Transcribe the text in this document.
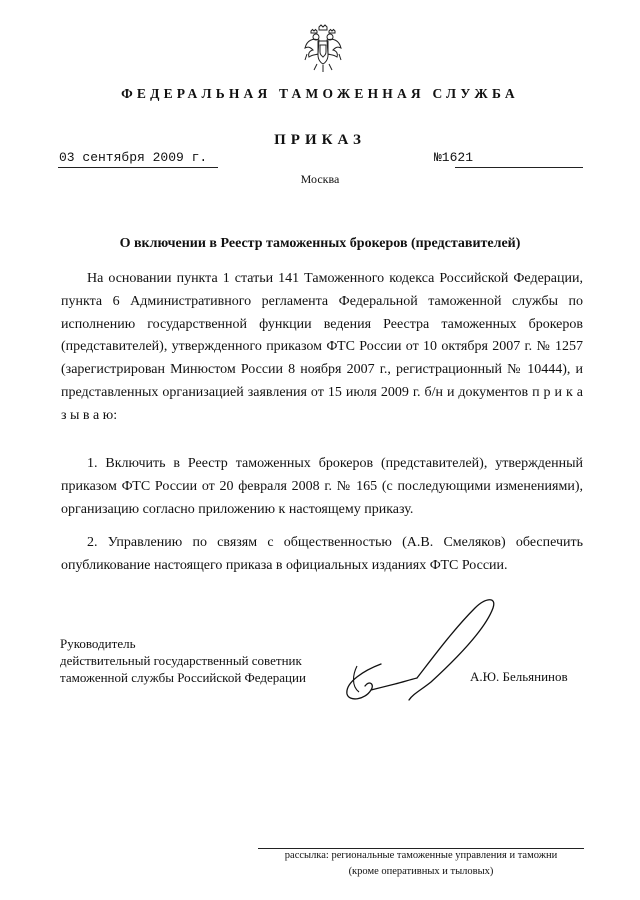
ФЕДЕРАЛЬНАЯ ТАМОЖЕННАЯ СЛУЖБА
ПРИКАЗ
03 сентября 2009 г.	№1621
Москва
О включении в Реестр таможенных брокеров (представителей)
На основании пункта 1 статьи 141 Таможенного кодекса Российской Федерации, пункта 6 Административного регламента Федеральной таможенной службы по исполнению государственной функции ведения Реестра таможенных брокеров (представителей), утвержденного приказом ФТС России от 10 октября 2007 г. № 1257 (зарегистрирован Минюстом России 8 ноября 2007 г., регистрационный № 10444), и представленных организацией заявления от 15 июля 2009 г. б/н и документов п р и к а з ы в а ю:
1. Включить в Реестр таможенных брокеров (представителей), утвержденный приказом ФТС России от 20 февраля 2008 г. № 165 (с последующими изменениями), организацию согласно приложению к настоящему приказу.
2. Управлению по связям с общественностью (А.В. Смеляков) обеспечить опубликование настоящего приказа в официальных изданиях ФТС России.
Руководитель
действительный государственный советник
таможенной службы Российской Федерации	А.Ю. Бельянинов
рассылка: региональные таможенные управления и таможни
(кроме оперативных и тыловых)
